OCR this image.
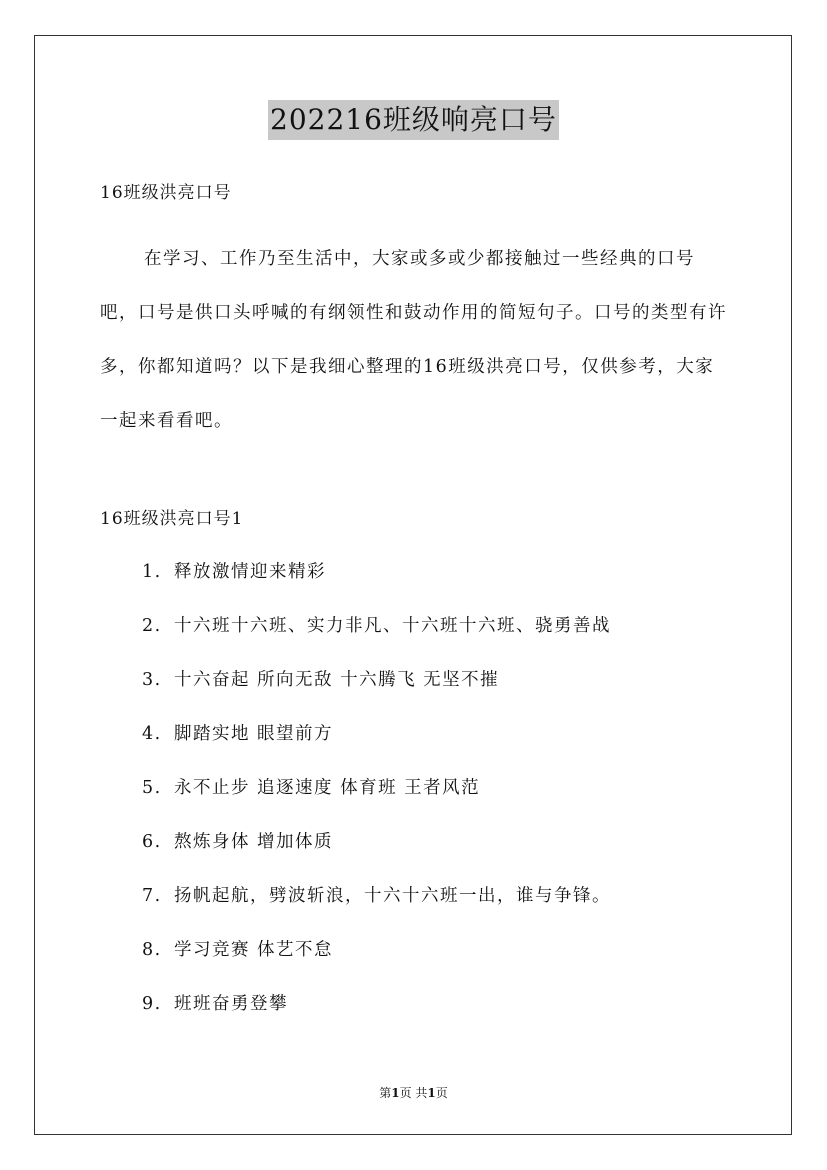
202216班级响亮口号
16班级洪亮口号

在学习、工作乃至生活中，大家或多或少都接触过一些经典的口号吧，口号是供口头呼喊的有纲领性和鼓动作用的简短句子。口号的类型有许多，你都知道吗？以下是我细心整理的16班级洪亮口号，仅供参考，大家一起来看看吧。

16班级洪亮口号1
1. 释放激情迎来精彩
2. 十六班十六班、实力非凡、十六班十六班、骁勇善战
3. 十六奋起 所向无敌 十六腾飞 无坚不摧
4. 脚踏实地 眼望前方
5. 永不止步 追逐速度 体育班 王者风范
6. 熬炼身体 增加体质
7. 扬帆起航，劈波斩浪，十六十六班一出，谁与争锋。
8. 学习竞赛 体艺不怠
9. 班班奋勇登攀
第1页 共1页
